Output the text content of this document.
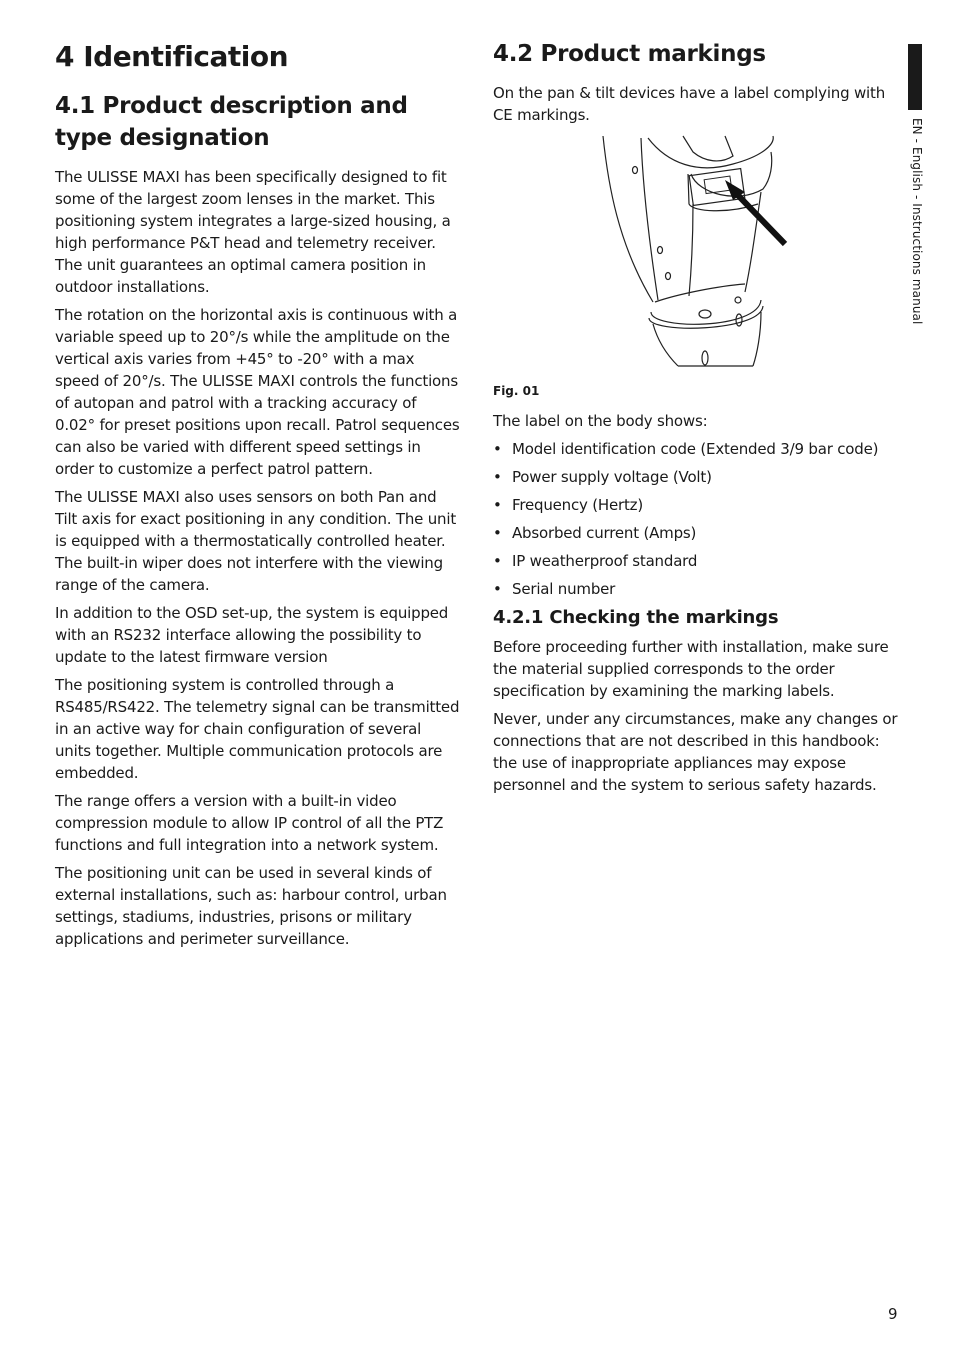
4 Identification
4.1 Product description and type designation

The ULISSE MAXI has been specifically designed to fit some of the largest zoom lenses in the market. This positioning system integrates a large-sized housing, a high performance P&T head and telemetry receiver. The unit guarantees an optimal camera position in outdoor installations.

The rotation on the horizontal axis is continuous with a variable speed up to 20°/s while the amplitude on the vertical axis varies from +45° to -20° with a max speed of 20°/s. The ULISSE MAXI controls the functions of autopan and patrol with a tracking accuracy of 0.02° for preset positions upon recall. Patrol sequences can also be varied with different speed settings in order to customize a perfect patrol pattern.

The ULISSE MAXI also uses sensors on both Pan and Tilt axis for exact positioning in any condition. The unit is equipped with a thermostatically controlled heater. The built-in wiper does not interfere with the viewing range of the camera.

In addition to the OSD set-up, the system is equipped with an RS232 interface allowing the possibility to update to the latest firmware version

The positioning system is controlled through a RS485/RS422. The telemetry signal can be transmitted in an active way for chain configuration of several units together. Multiple communication protocols are embedded.

The range offers a version with a built-in video compression module to allow IP control of all the PTZ functions and full integration into a network system.

The positioning unit can be used in several kinds of external installations, such as: harbour control, urban settings, stadiums, industries, prisons or military applications and perimeter surveillance.

4.2 Product markings

On the pan & tilt devices have a label complying with CE markings.

Fig. 01

The label on the body shows:

• Model identification code (Extended 3/9 bar code)
• Power supply voltage (Volt)
• Frequency (Hertz)
• Absorbed current (Amps)
• IP weatherproof standard
• Serial number
4.2.1 Checking the markings

Before proceeding further with installation, make sure the material supplied corresponds to the order specification by examining the marking labels.

Never, under any circumstances, make any changes or connections that are not described in this handbook: the use of inappropriate appliances may expose personnel and the system to serious safety hazards.

EN - English - Instructions manual
9
